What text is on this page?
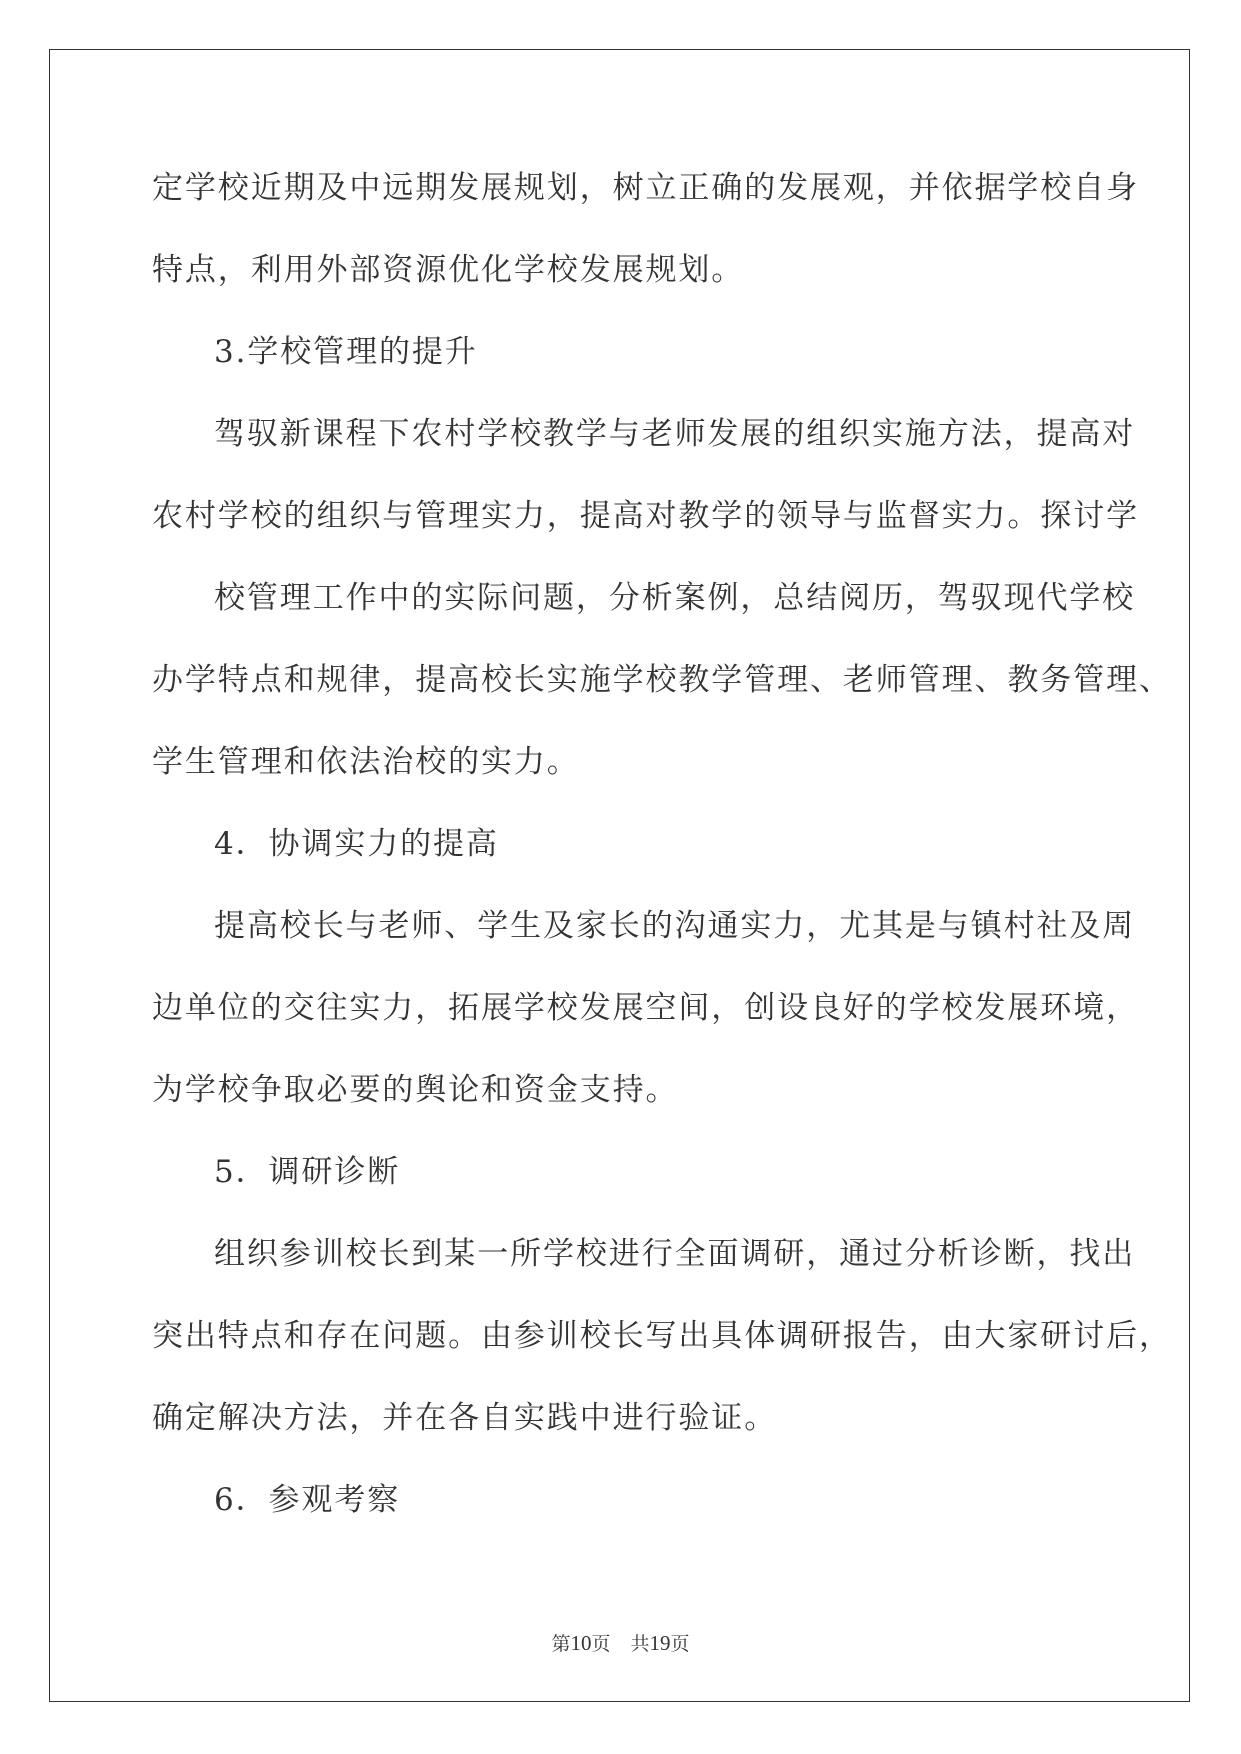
定学校近期及中远期发展规划，树立正确的发展观，并依据学校自身

特点，利用外部资源优化学校发展规划。

3.学校管理的提升

驾驭新课程下农村学校教学与老师发展的组织实施方法，提高对

农村学校的组织与管理实力，提高对教学的领导与监督实力。探讨学

校管理工作中的实际问题，分析案例，总结阅历，驾驭现代学校

办学特点和规律，提高校长实施学校教学管理、老师管理、教务管理、

学生管理和依法治校的实力。

4．协调实力的提高

提高校长与老师、学生及家长的沟通实力，尤其是与镇村社及周

边单位的交往实力，拓展学校发展空间，创设良好的学校发展环境，

为学校争取必要的舆论和资金支持。

5．调研诊断

组织参训校长到某一所学校进行全面调研，通过分析诊断，找出

突出特点和存在问题。由参训校长写出具体调研报告，由大家研讨后，

确定解决方法，并在各自实践中进行验证。

6．参观考察

第10页 共19页
